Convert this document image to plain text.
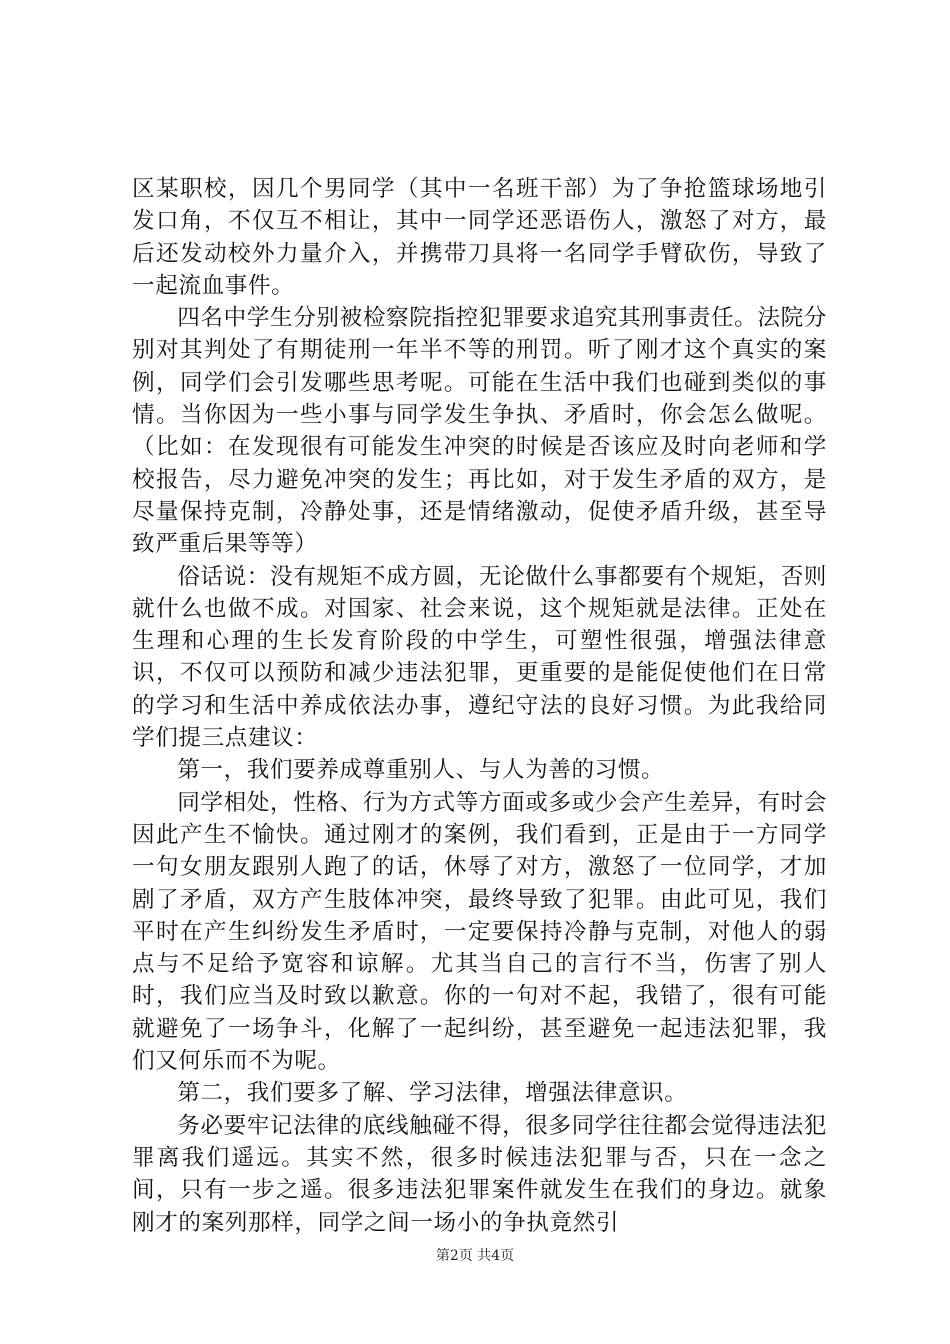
区某职校，因几个男同学（其中一名班干部）为了争抢篮球场地引发口角，不仅互不相让，其中一同学还恶语伤人，激怒了对方，最后还发动校外力量介入，并携带刀具将一名同学手臂砍伤，导致了一起流血事件。

四名中学生分别被检察院指控犯罪要求追究其刑事责任。法院分别对其判处了有期徒刑一年半不等的刑罚。听了刚才这个真实的案例，同学们会引发哪些思考呢。可能在生活中我们也碰到类似的事情。当你因为一些小事与同学发生争执、矛盾时，你会怎么做呢。（比如：在发现很有可能发生冲突的时候是否该应及时向老师和学校报告，尽力避免冲突的发生；再比如，对于发生矛盾的双方，是尽量保持克制，冷静处事，还是情绪激动，促使矛盾升级，甚至导致严重后果等等）

俗话说：没有规矩不成方圆，无论做什么事都要有个规矩，否则就什么也做不成。对国家、社会来说，这个规矩就是法律。正处在生理和心理的生长发育阶段的中学生，可塑性很强，增强法律意识，不仅可以预防和减少违法犯罪，更重要的是能促使他们在日常的学习和生活中养成依法办事，遵纪守法的良好习惯。为此我给同学们提三点建议：

第一，我们要养成尊重别人、与人为善的习惯。

同学相处，性格、行为方式等方面或多或少会产生差异，有时会因此产生不愉快。通过刚才的案例，我们看到，正是由于一方同学一句女朋友跟别人跑了的话，休辱了对方，激怒了一位同学，才加剧了矛盾，双方产生肢体冲突，最终导致了犯罪。由此可见，我们平时在产生纠纷发生矛盾时，一定要保持冷静与克制，对他人的弱点与不足给予宽容和谅解。尤其当自己的言行不当，伤害了别人时，我们应当及时致以歉意。你的一句对不起，我错了，很有可能就避免了一场争斗，化解了一起纠纷，甚至避免一起违法犯罪，我们又何乐而不为呢。

第二，我们要多了解、学习法律，增强法律意识。

务必要牢记法律的底线触碰不得，很多同学往往都会觉得违法犯罪离我们遥远。其实不然，很多时候违法犯罪与否，只在一念之间，只有一步之遥。很多违法犯罪案件就发生在我们的身边。就象刚才的案列那样，同学之间一场小的争执竟然引

第2页 共4页
